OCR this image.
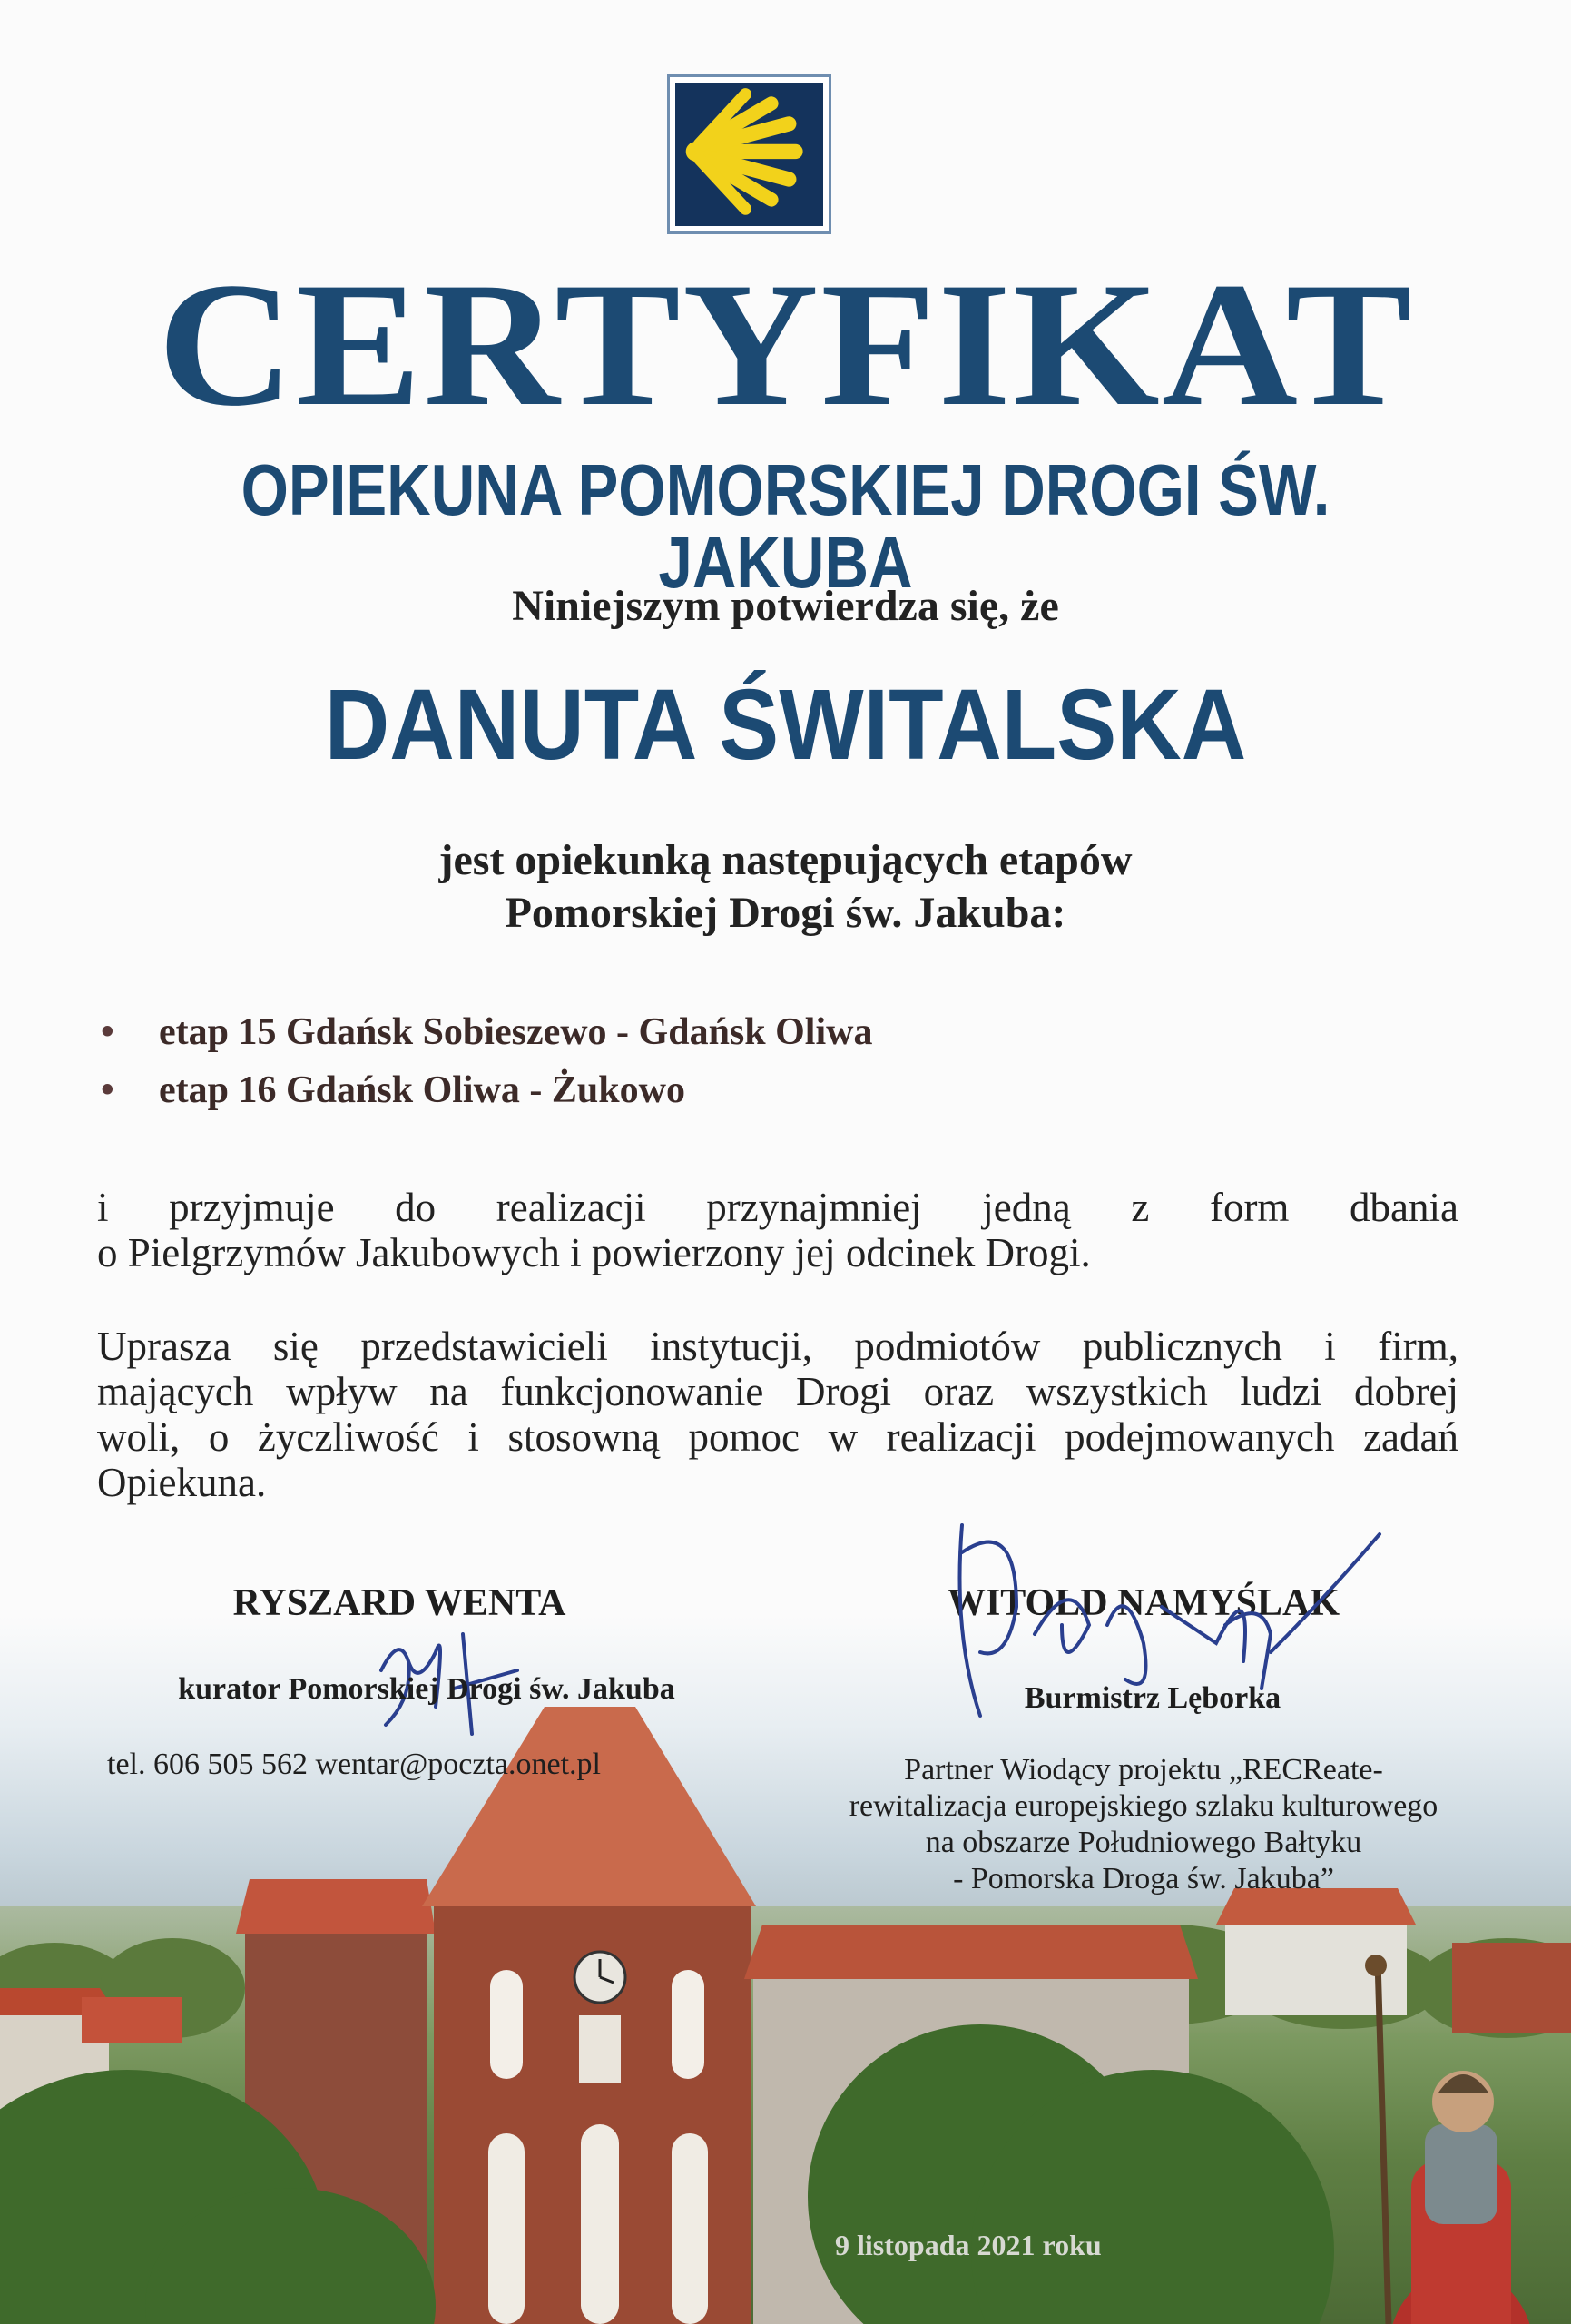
CERTYFIKAT
OPIEKUNA POMORSKIEJ DROGI ŚW. JAKUBA

Niniejszym potwierdza się, że

DANUTA ŚWITALSKA

jest opiekunką następujących etapów

Pomorskiej Drogi św. Jakuba:

• etap 15 Gdańsk Sobieszewo - Gdańsk Oliwa
• etap 16 Gdańsk Oliwa - Żukowo

i przyjmuje do realizacji przynajmniej jedną z form dbania

o Pielgrzymów Jakubowych i powierzony jej odcinek Drogi.

Uprasza się przedstawicieli instytucji, podmiotów publicznych i firm,

mających wpływ na funkcjonowanie Drogi oraz wszystkich ludzi dobrej

woli, o życzliwość i stosowną pomoc w realizacji podejmowanych zadań

Opiekuna.

RYSZARD WENTA	WITOLD NAMYŚLAK

kurator Pomorskiej Drogi św. Jakuba	Burmistrz Lęborka

tel. 606 505 562 wentar@poczta.onet.pl	Partner Wiodący projektu „RECReate-

rewitalizacja europejskiego szlaku kulturowego

na obszarze Południowego Bałtyku

- Pomorska Droga św. Jakuba”

9 listopada 2021 roku
